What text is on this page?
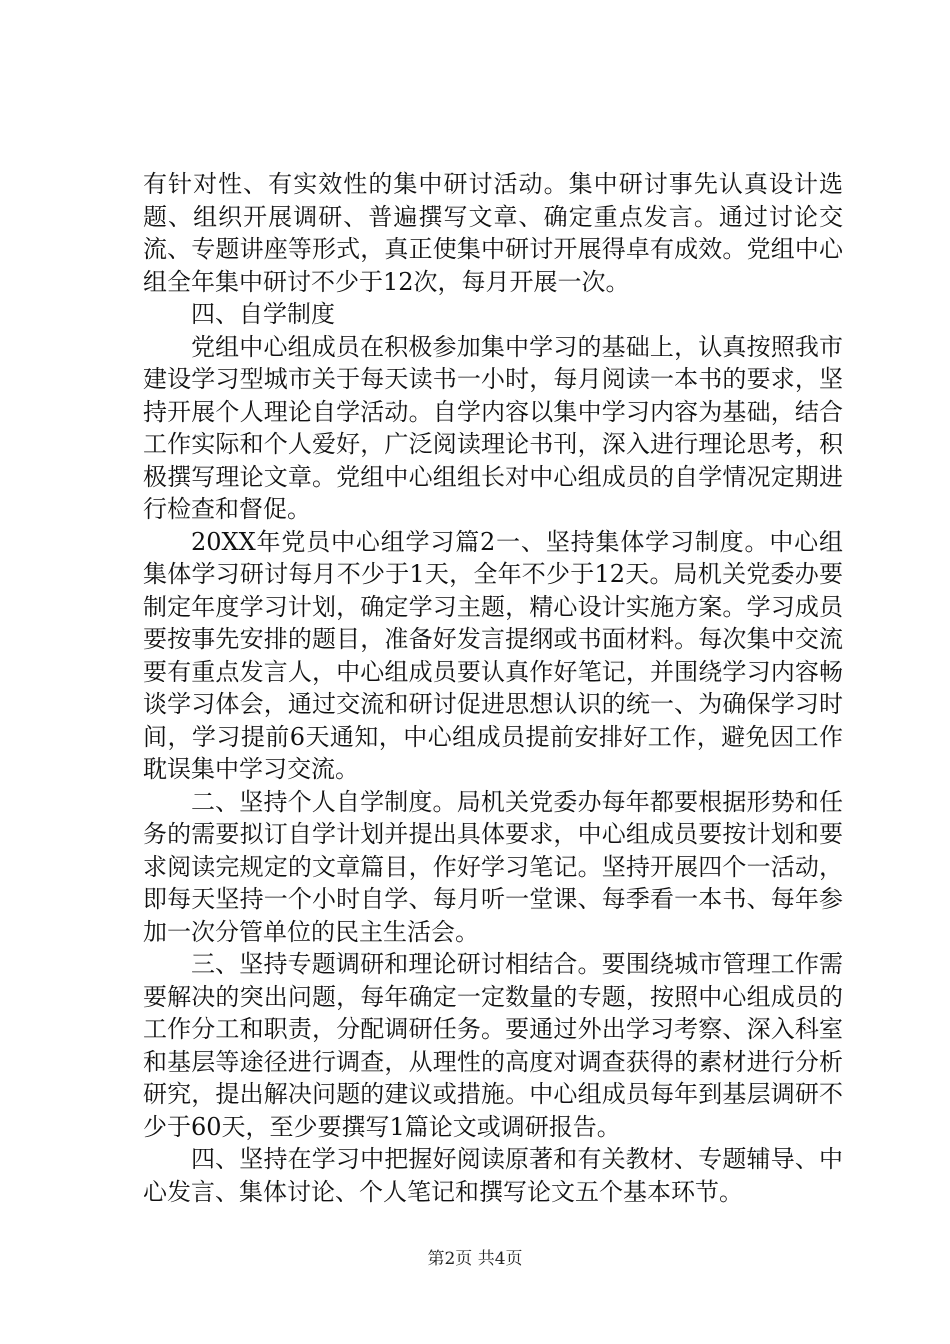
有针对性、有实效性的集中研讨活动。集中研讨事先认真设计选题、组织开展调研、普遍撰写文章、确定重点发言。通过讨论交流、专题讲座等形式，真正使集中研讨开展得卓有成效。党组中心组全年集中研讨不少于12次，每月开展一次。

四、自学制度

党组中心组成员在积极参加集中学习的基础上，认真按照我市建设学习型城市关于每天读书一小时，每月阅读一本书的要求，坚持开展个人理论自学活动。自学内容以集中学习内容为基础，结合工作实际和个人爱好，广泛阅读理论书刊，深入进行理论思考，积极撰写理论文章。党组中心组组长对中心组成员的自学情况定期进行检查和督促。

20XX年党员中心组学习篇2一、坚持集体学习制度。中心组集体学习研讨每月不少于1天，全年不少于12天。局机关党委办要制定年度学习计划，确定学习主题，精心设计实施方案。学习成员要按事先安排的题目，准备好发言提纲或书面材料。每次集中交流要有重点发言人，中心组成员要认真作好笔记，并围绕学习内容畅谈学习体会，通过交流和研讨促进思想认识的统一、为确保学习时间，学习提前6天通知，中心组成员提前安排好工作，避免因工作耽误集中学习交流。

二、坚持个人自学制度。局机关党委办每年都要根据形势和任务的需要拟订自学计划并提出具体要求，中心组成员要按计划和要求阅读完规定的文章篇目，作好学习笔记。坚持开展四个一活动，即每天坚持一个小时自学、每月听一堂课、每季看一本书、每年参加一次分管单位的民主生活会。

三、坚持专题调研和理论研讨相结合。要围绕城市管理工作需要解决的突出问题，每年确定一定数量的专题，按照中心组成员的工作分工和职责，分配调研任务。要通过外出学习考察、深入科室和基层等途径进行调查，从理性的高度对调查获得的素材进行分析研究，提出解决问题的建议或措施。中心组成员每年到基层调研不少于60天，至少要撰写1篇论文或调研报告。

四、坚持在学习中把握好阅读原著和有关教材、专题辅导、中心发言、集体讨论、个人笔记和撰写论文五个基本环节。

第2页 共4页
